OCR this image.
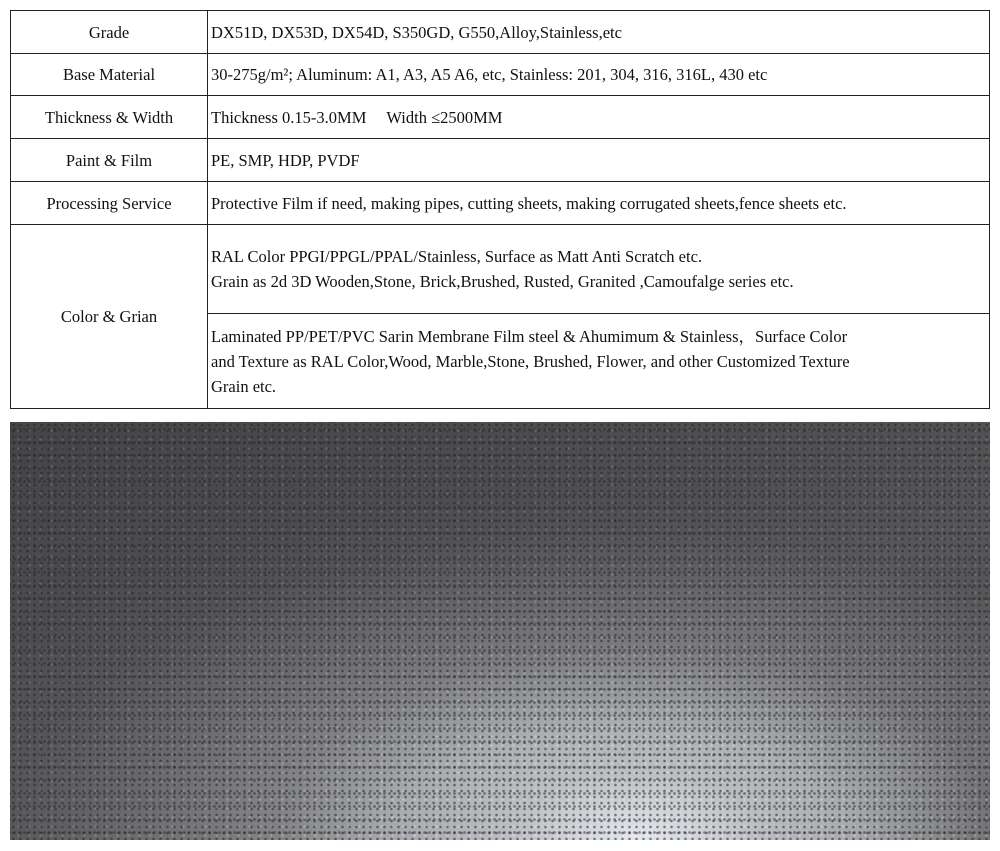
Grade	DX51D, DX53D, DX54D, S350GD, G550,Alloy,Stainless,etc
Base Material	30-275g/m²; Aluminum: A1, A3, A5 A6, etc, Stainless: 201, 304, 316, 316L, 430 etc
Thickness & Width	Thickness 0.15-3.0MM Width ≤2500MM
Paint & Film	PE, SMP, HDP, PVDF
Processing Service	Protective Film if need, making pipes, cutting sheets, making corrugated sheets,fence sheets etc.
Color & Grian	RAL Color PPGI/PPGL/PPAL/Stainless, Surface as Matt Anti Scratch etc.
Grain as 2d 3D Wooden,Stone, Brick,Brushed, Rusted, Granited ,Camoufalge series etc.

	Laminated PP/PET/PVC Sarin Membrane Film steel & Ahumimum & Stainless，Surface Color
and Texture as RAL Color,Wood, Marble,Stone, Brushed, Flower, and other Customized Texture
Grain etc.
